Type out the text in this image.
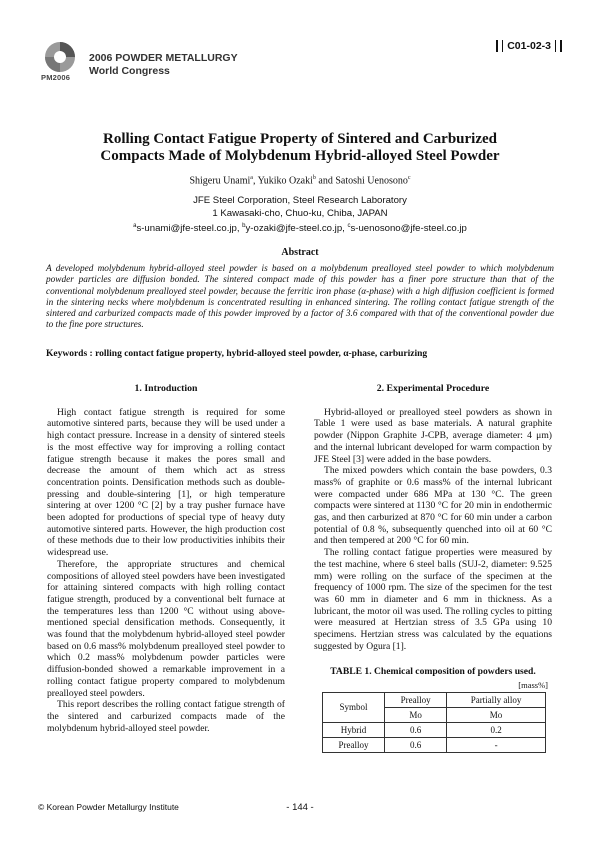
PM2006
2006 POWDER METALLURGY
World Congress
C01-02-3
Rolling Contact Fatigue Property of Sintered and Carburized
Compacts Made of Molybdenum Hybrid-alloyed Steel Powder
Shigeru Unami$^a$, Yukiko Ozaki$^b$ and Satoshi Uenosono$^c$
JFE Steel Corporation, Steel Research Laboratory
1 Kawasaki-cho, Chuo-ku, Chiba, JAPAN
$^a$s-unami@jfe-steel.co.jp, $^b$y-ozaki@jfe-steel.co.jp, $^c$s-uenosono@jfe-steel.co.jp
Abstract

A developed molybdenum hybrid-alloyed steel powder is based on a molybdenum prealloyed steel powder to which molybdenum powder particles are diffusion bonded. The sintered compact made of this powder has a finer pore structure than that of the conventional molybdenum prealloyed steel powder, because the ferritic iron phase (α-phase) with a high diffusion coefficient is formed in the sintering necks where molybdenum is concentrated resulting in enhanced sintering. The rolling contact fatigue strength of the sintered and carburized compacts made of this powder improved by a factor of 3.6 compared with that of the conventional powder due to the fine pore structures.

Keywords : rolling contact fatigue property, hybrid-alloyed steel powder, α-phase, carburizing
1. Introduction

High contact fatigue strength is required for some automotive sintered parts, because they will be used under a high contact pressure. Increase in a density of sintered steels is the most effective way for improving a rolling contact fatigue strength because it makes the pores small and decrease the amount of them which act as stress concentration points. Densification methods such as double-pressing and double-sintering [1], or high temperature sintering at over 1200 °C [2] by a tray pusher furnace have been adopted for productions of special type of heavy duty automotive sintered parts. However, the high production cost of these methods due to their low productivities inhibits their widespread use.

Therefore, the appropriate structures and chemical compositions of alloyed steel powders have been investigated for attaining sintered compacts with high rolling contact fatigue strength, produced by a conventional belt furnace at the temperatures less than 1200 °C without using above-mentioned special densification methods. Consequently, it was found that the molybdenum hybrid-alloyed steel powder based on 0.6 mass% molybdenum prealloyed steel powder to which 0.2 mass% molybdenum powder particles were diffusion-bonded showed a remarkable improvement in a rolling contact fatigue property compared to molybdenum prealloyed steel powders.

This report describes the rolling contact fatigue strength of the sintered and carburized compacts made of the molybdenum hybrid-alloyed steel powder.

2. Experimental Procedure

Hybrid-alloyed or prealloyed steel powders as shown in Table 1 were used as base materials. A natural graphite powder (Nippon Graphite J-CPB, average diameter: 4 μm) and the internal lubricant developed for warm compaction by JFE Steel [3] were added in the base powders.

The mixed powders which contain the base powders, 0.3 mass% of graphite or 0.6 mass% of the internal lubricant were compacted under 686 MPa at 130 °C. The green compacts were sintered at 1130 °C for 20 min in endothermic gas, and then carburized at 870 °C for 60 min under a carbon potential of 0.8 %, subsequently quenched into oil at 60 °C and then tempered at 200 °C for 60 min.

The rolling contact fatigue properties were measured by the test machine, where 6 steel balls (SUJ-2, diameter: 9.525 mm) were rolling on the surface of the specimen at the frequency of 1000 rpm. The size of the specimen for the test was 60 mm in diameter and 6 mm in thickness. As a lubricant, the motor oil was used. The rolling cycles to pitting were measured at Hertzian stress of 3.5 GPa using 10 specimens. Hertzian stress was calculated by the equations suggested by Ogura [1].

TABLE 1. Chemical composition of powders used.
[mass%]
Symbol	Prealloy	Partially alloy
	Mo	Mo
Hybrid	0.6	0.2
Prealloy	0.6	-
© Korean Powder Metallurgy Institute	- 144 -
